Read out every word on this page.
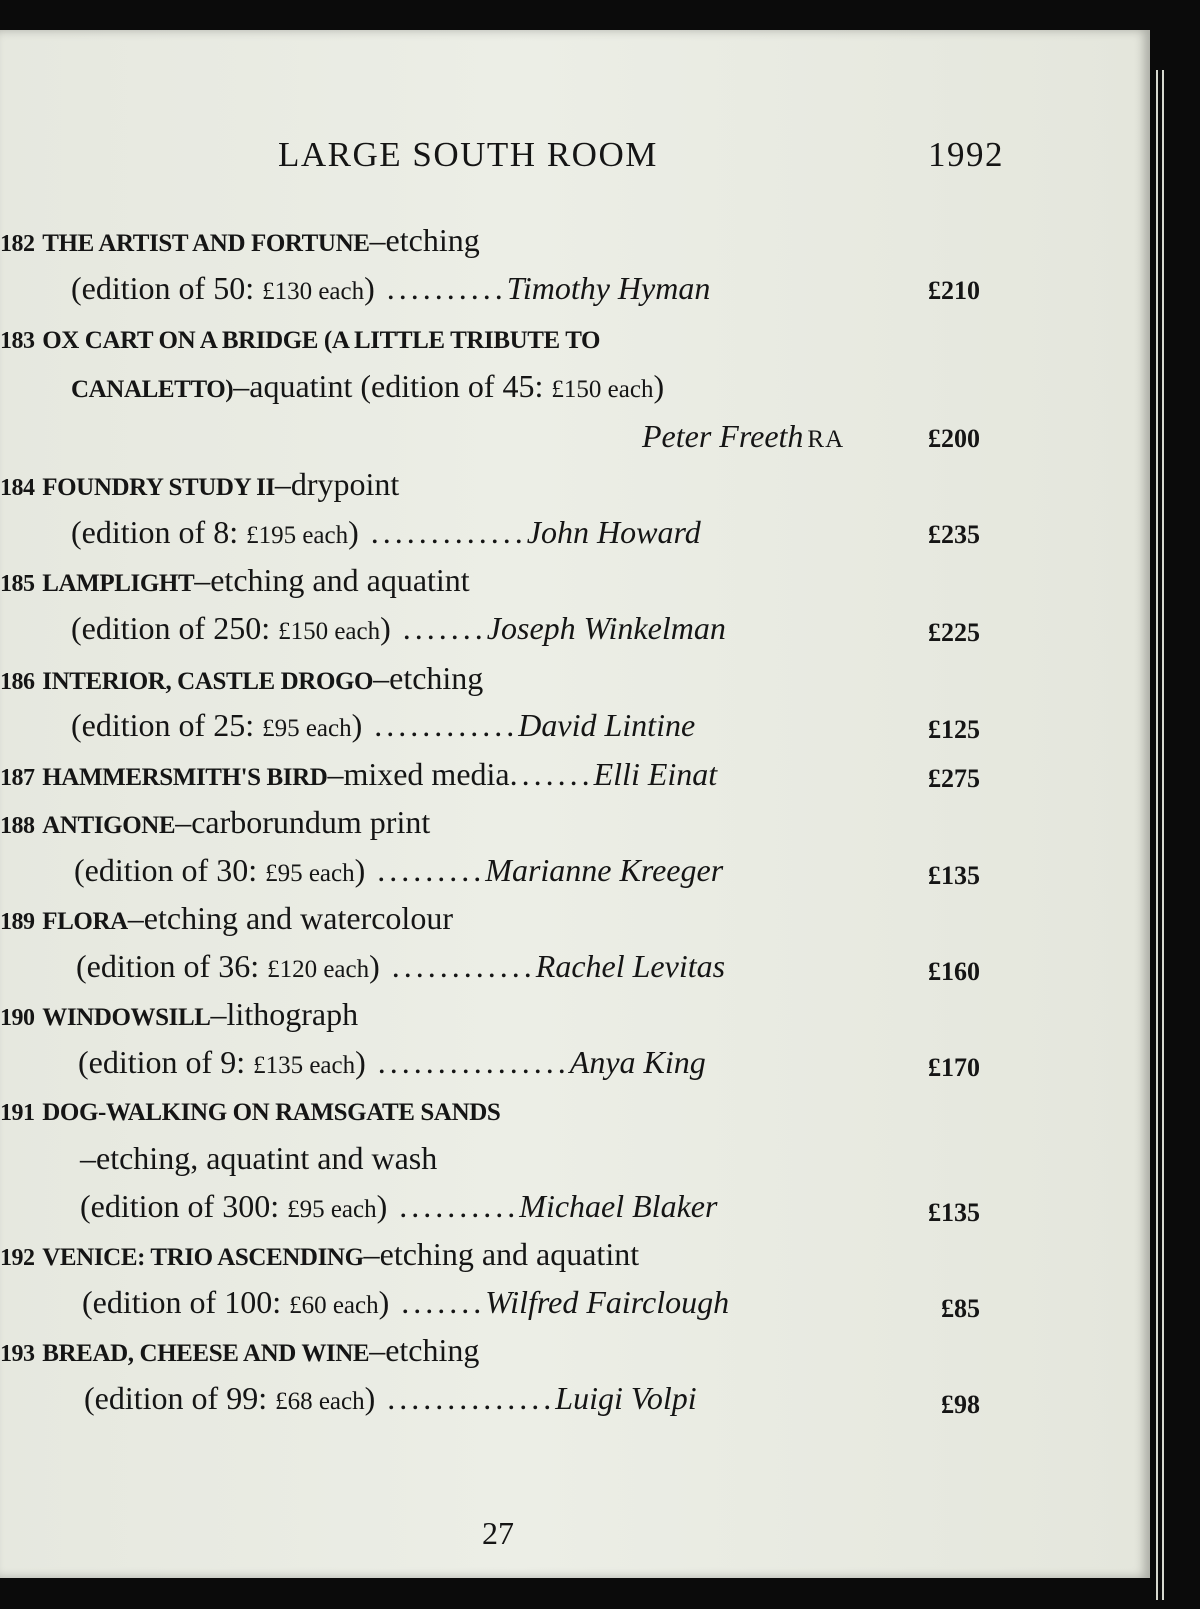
LARGE SOUTH ROOM	1992
182 THE ARTIST AND FORTUNE–etching
(edition of 50: £130 each) ..........Timothy Hyman	£210
183 OX CART ON A BRIDGE (A LITTLE TRIBUTE TO
CANALETTO)–aquatint (edition of 45: £150 each)
Peter Freeth RA	£200
184 FOUNDRY STUDY II–drypoint
(edition of 8: £195 each) .............John Howard	£235
185 LAMPLIGHT–etching and aquatint
(edition of 250: £150 each) .......Joseph Winkelman	£225
186 INTERIOR, CASTLE DROGO–etching
(edition of 25: £95 each) ............David Lintine	£125
187 HAMMERSMITH'S BIRD–mixed media.......Elli Einat	£275
188 ANTIGONE–carborundum print
(edition of 30: £95 each) .........Marianne Kreeger	£135
189 FLORA–etching and watercolour
(edition of 36: £120 each) ............Rachel Levitas	£160
190 WINDOWSILL–lithograph
(edition of 9: £135 each) ................Anya King	£170
191 DOG-WALKING ON RAMSGATE SANDS
–etching, aquatint and wash
(edition of 300: £95 each) ..........Michael Blaker	£135
192 VENICE: TRIO ASCENDING–etching and aquatint
(edition of 100: £60 each) .......Wilfred Fairclough	£85
193 BREAD, CHEESE AND WINE–etching
(edition of 99: £68 each) ..............Luigi Volpi	£98
27
